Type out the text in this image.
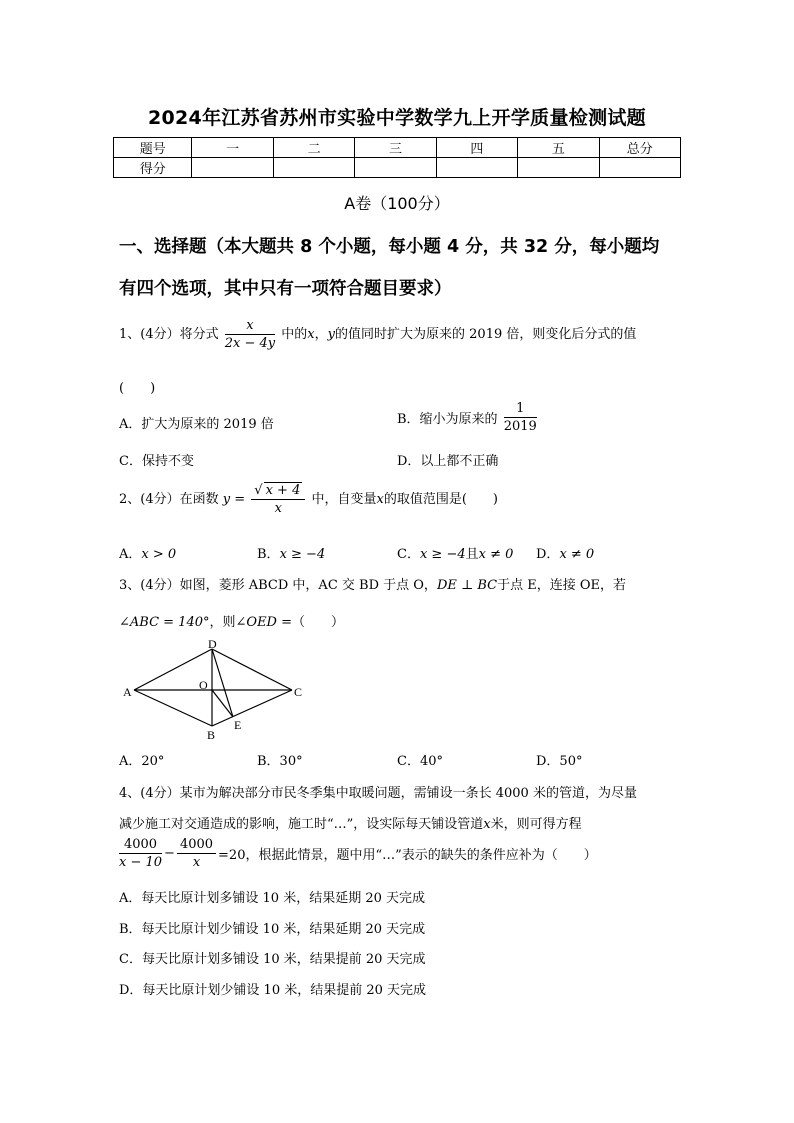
2024年江苏省苏州市实验中学数学九上开学质量检测试题
题号	一	二	三	四	五	总分
得分						
A卷（100分）
一、选择题（本大题共 8 个小题，每小题 4 分，共 32 分，每小题均
有四个选项，其中只有一项符合题目要求）
1、(4分）将分式 $\frac{x}{2x - 4y}$ 中的x，y的值同时扩大为原来的 2019 倍，则变化后分式的值
(　　)
A．扩大为原来的 2019 倍	B．缩小为原来的 $\frac{1}{2019}$
C．保持不变	D．以上都不正确
2、(4分）在函数 $y = \frac{√ x + 4}{x}$ 中，自变量x的取值范围是(　　)
A．x > 0	B．x ≥ −4	C．x ≥ −4且x ≠ 0 D．x ≠ 0
3、(4分）如图，菱形 ABCD 中，AC 交 BD 于点 O，DE ⊥ BC于点 E，连接 OE，若
∠ABC = 140°，则∠OED =（　　）
D
A	O	C
B
E
A．20°	B．30°	C．40°	D．50°
4、(4分）某市为解决部分市民冬季集中取暖问题，需铺设一条长 4000 米的管道，为尽量
减少施工对交通造成的影响，施工时“…”，设实际每天铺设管道x米，则可得方程
$\frac{4000}{x - 10} - \frac{4000}{x} =20$，根据此情景，题中用“…”表示的缺失的条件应补为（　　）
A．每天比原计划多铺设 10 米，结果延期 20 天完成
B．每天比原计划少铺设 10 米，结果延期 20 天完成
C．每天比原计划多铺设 10 米，结果提前 20 天完成
D．每天比原计划少铺设 10 米，结果提前 20 天完成
